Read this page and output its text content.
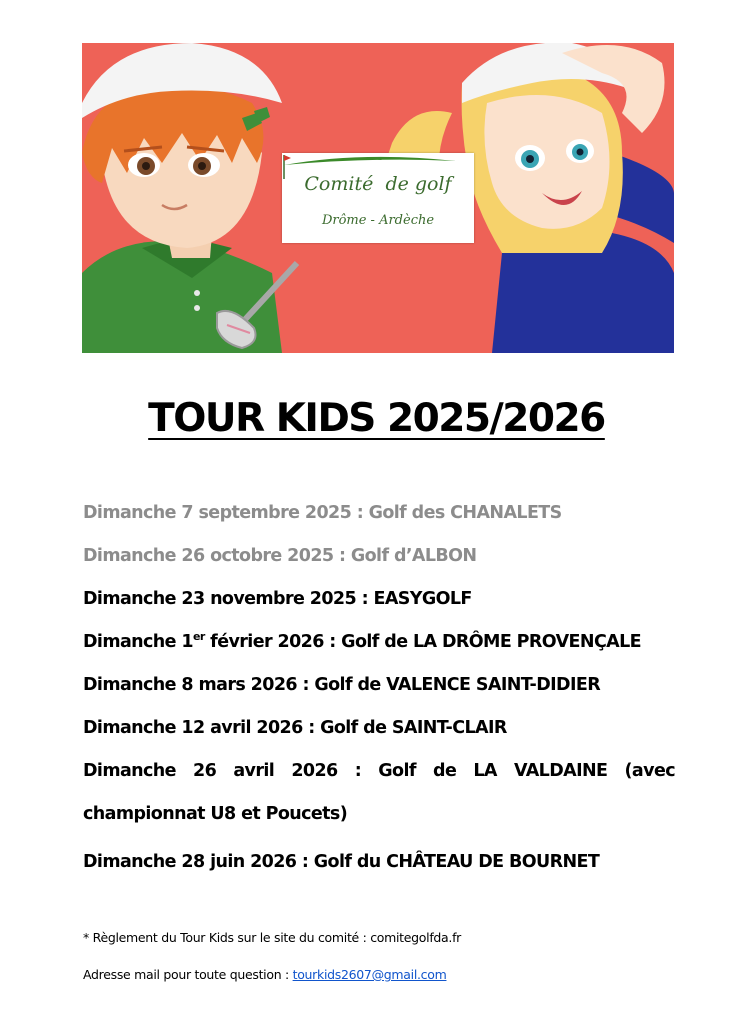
Comité de golf
Drôme - Ardèche
TOUR KIDS 2025/2026
Dimanche 7 septembre 2025 : Golf des CHANALETS
Dimanche 26 octobre 2025 : Golf d’ALBON
Dimanche 23 novembre 2025 : EASYGOLF
Dimanche 1er février 2026 : Golf de LA DRÔME PROVENÇALE
Dimanche 8 mars 2026 : Golf de VALENCE SAINT-DIDIER
Dimanche 12 avril 2026 : Golf de SAINT-CLAIR
Dimanche 26 avril 2026 : Golf de LA VALDAINE (avec championnat U8 et Poucets)
Dimanche 28 juin 2026 : Golf du CHÂTEAU DE BOURNET
* Règlement du Tour Kids sur le site du comité : comitegolfda.fr
Adresse mail pour toute question : tourkids2607@gmail.com
